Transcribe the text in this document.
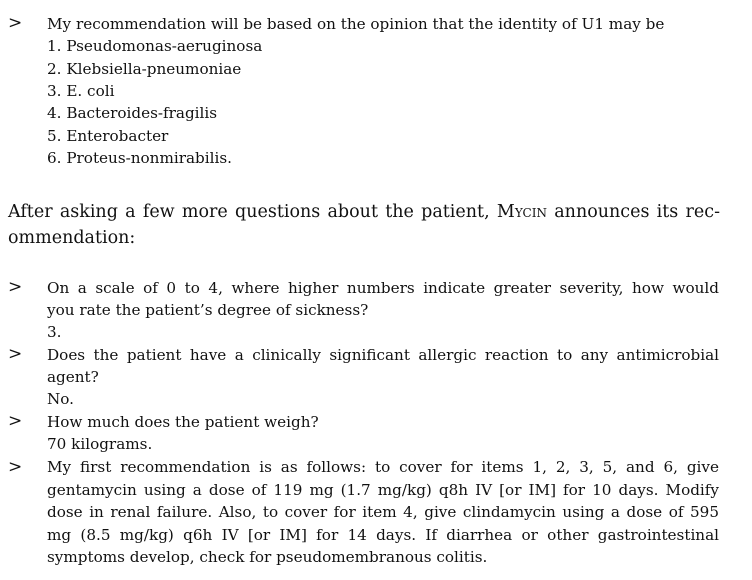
>	My recommendation will be based on the opinion that the identity of U1 may be
1. Pseudomonas-aeruginosa
2. Klebsiella-pneumoniae
3. E. coli
4. Bacteroides-fragilis
5. Enterobacter
6. Proteus-nonmirabilis.
After asking a few more questions about the patient, Mycin announces its rec-
ommendation:
>	On a scale of 0 to 4, where higher numbers indicate greater severity, how would
you rate the patient’s degree of sickness?
3.
>	Does the patient have a clinically significant allergic reaction to any antimicrobial
agent?
No.
>	How much does the patient weigh?
70 kilograms.
>	My first recommendation is as follows: to cover for items 1, 2, 3, 5, and 6, give
gentamycin using a dose of 119 mg (1.7 mg/kg) q8h IV [or IM] for 10 days. Modify
dose in renal failure. Also, to cover for item 4, give clindamycin using a dose of 595
mg (8.5 mg/kg) q6h IV [or IM] for 14 days. If diarrhea or other gastrointestinal
symptoms develop, check for pseudomembranous colitis.
